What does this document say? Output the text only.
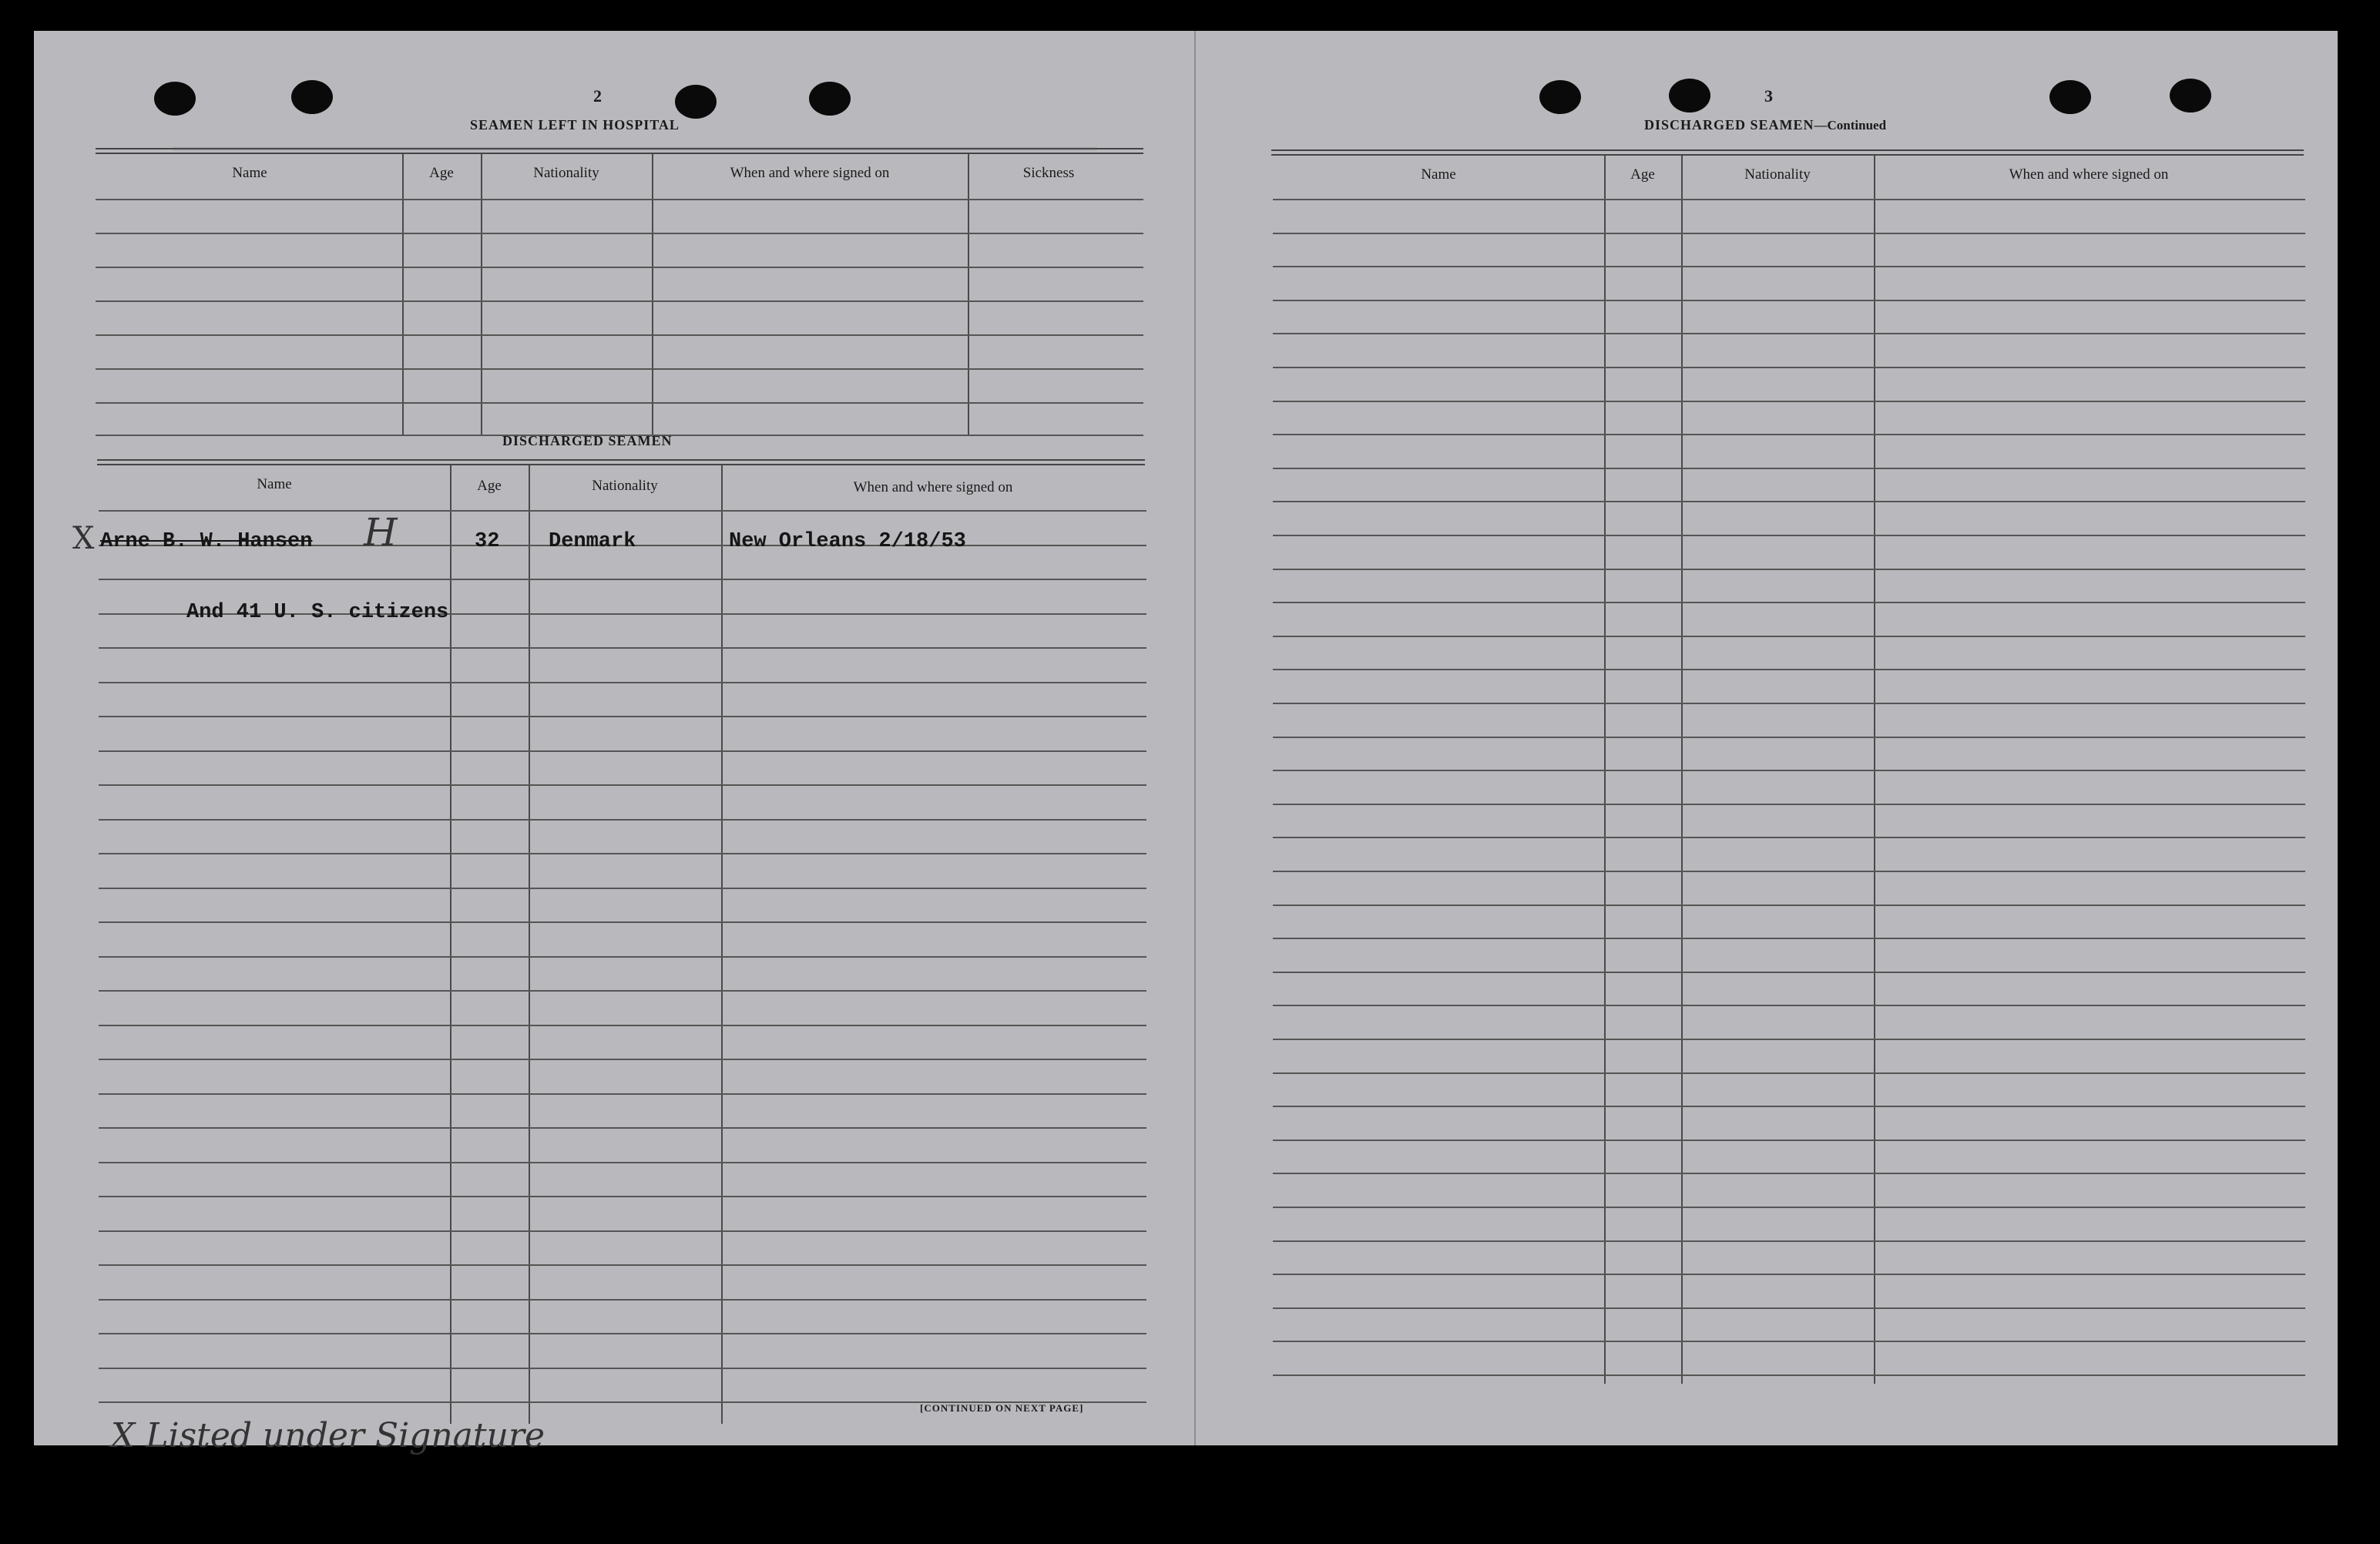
2
SEAMEN LEFT IN HOSPITAL
Name	Age	Nationality	When and where signed on	Sickness
DISCHARGED SEAMEN
Name	Age	Nationality	When and where signed on
X Arne B. W. Hansen H	32 Denmark	New Orleans 2/18/53
And 41 U. S. citizens
X Listed under Signature
[CONTINUED ON NEXT PAGE]
3
DISCHARGED SEAMEN—Continued
Name	Age	Nationality	When and where signed on
